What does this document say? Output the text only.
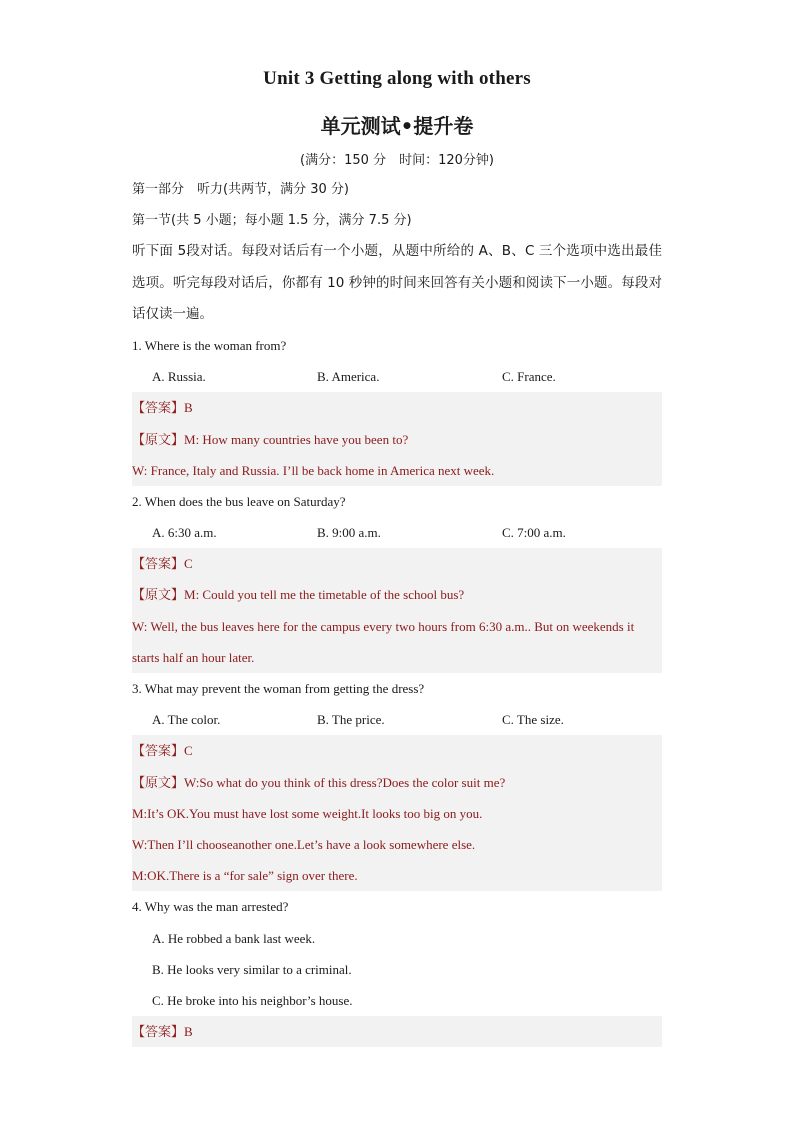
Unit 3 Getting along with others
单元测试•提升卷
(满分：150 分　时间：120分钟)
第一部分　听力(共两节，满分 30 分)
第一节(共 5 小题；每小题 1.5 分，满分 7.5 分)
听下面 5段对话。每段对话后有一个小题，从题中所给的 A、B、C 三个选项中选出最佳选项。听完每段对话后，你都有 10 秒钟的时间来回答有关小题和阅读下一小题。每段对话仅读一遍。
1. Where is the woman from?
A. Russia.	B. America.	C. France.
【答案】B
【原文】M: How many countries have you been to?
W: France, Italy and Russia. I’ll be back home in America next week.
2. When does the bus leave on Saturday?
A. 6:30 a.m.	B. 9:00 a.m.	C. 7:00 a.m.
【答案】C
【原文】M: Could you tell me the timetable of the school bus?
W: Well, the bus leaves here for the campus every two hours from 6:30 a.m.. But on weekends it starts half an hour later.
3. What may prevent the woman from getting the dress?
A. The color.	B. The price.	C. The size.
【答案】C
【原文】W:So what do you think of this dress?Does the color suit me?
M:It’s OK.You must have lost some weight.It looks too big on you.
W:Then I’ll chooseanother one.Let’s have a look somewhere else.
M:OK.There is a “for sale” sign over there.
4. Why was the man arrested?
A. He robbed a bank last week.
B. He looks very similar to a criminal.
C. He broke into his neighbor’s house.
【答案】B
